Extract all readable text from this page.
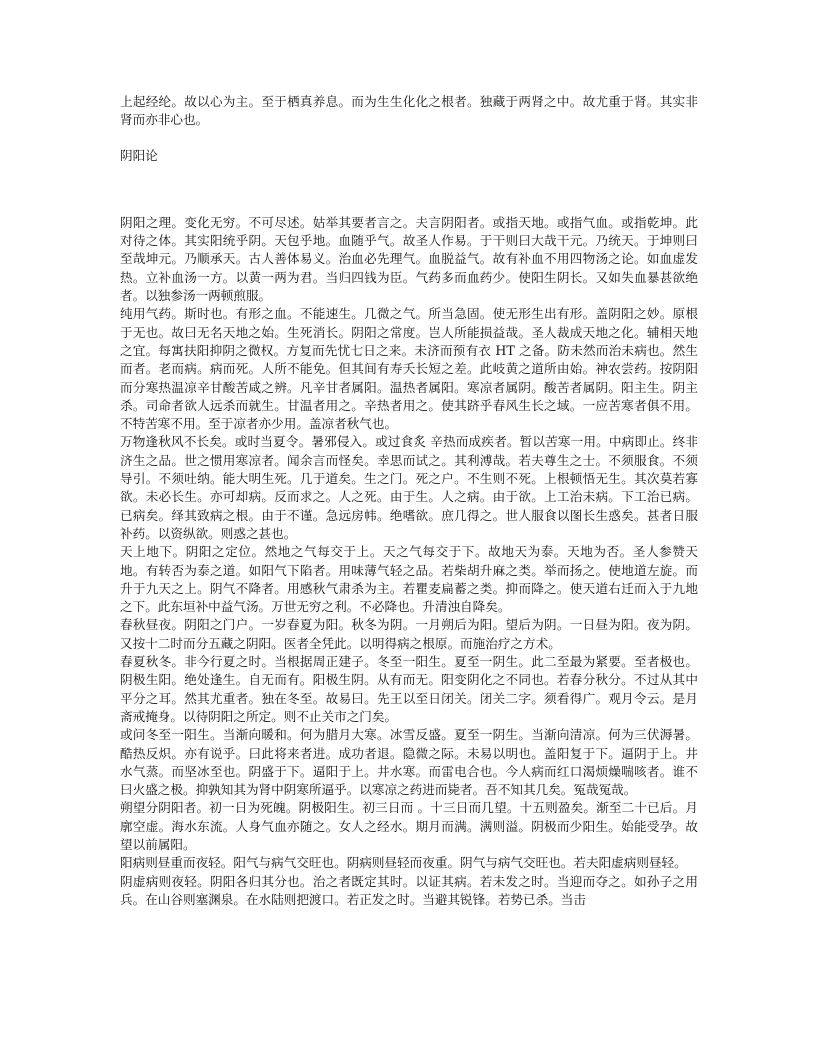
上起经纶。故以心为主。至于栖真养息。而为生生化化之根者。独藏于两肾之中。故尤重于肾。其实非肾而亦非心也。

阴阳论

阴阳之理。变化无穷。不可尽述。姑举其要者言之。夫言阴阳者。或指天地。或指气血。或指乾坤。此对待之体。其实阳统乎阴。天包乎地。血随乎气。故圣人作易。于干则曰大哉干元。乃统天。于坤则曰至哉坤元。乃顺承天。古人善体易义。治血必先理气。血脱益气。故有补血不用四物汤之论。如血虚发热。立补血汤一方。以黄一两为君。当归四钱为臣。气药多而血药少。使阳生阴长。又如失血暴甚欲绝者。以独参汤一两顿煎服。

纯用气药。斯时也。有形之血。不能速生。几微之气。所当急固。使无形生出有形。盖阴阳之妙。原根于无也。故曰无名天地之始。生死消长。阴阳之常度。岂人所能损益哉。圣人裁成天地之化。辅相天地之宜。每寓扶阳抑阴之微权。方复而先忧七日之来。未济而预有衣 HT 之备。防未然而治未病也。然生而者。老而病。病而死。人所不能免。但其间有寿夭长短之差。此岐黄之道所由始。神农尝药。按阴阳而分寒热温凉辛甘酸苦咸之辨。凡辛甘者属阳。温热者属阳。寒凉者属阴。酸苦者属阴。阳主生。阴主杀。司命者欲人远杀而就生。甘温者用之。辛热者用之。使其跻乎春风生长之域。一应苦寒者俱不用。不特苦寒不用。至于凉者亦少用。盖凉者秋气也。

万物逢秋风不长矣。或时当夏令。暑邪侵入。或过食炙 辛热而成疾者。暂以苦寒一用。中病即止。终非济生之品。世之惯用寒凉者。闻余言而怪矣。幸思而试之。其利溥哉。若夫尊生之士。不须服食。不须导引。不须吐纳。能大明生死。几于道矣。生之门。死之户。不生则不死。上根顿悟无生。其次莫若寡欲。未必长生。亦可却病。反而求之。人之死。由于生。人之病。由于欲。上工治未病。下工治已病。已病矣。绎其致病之根。由于不谨。急远房帏。绝嗜欲。庶几得之。世人服食以图长生惑矣。甚者日服补药。以资纵欲。则惑之甚也。

天上地下。阴阳之定位。然地之气每交于上。天之气每交于下。故地天为泰。天地为否。圣人参赞天地。有转否为泰之道。如阳气下陷者。用味薄气轻之品。若柴胡升麻之类。举而扬之。使地道左旋。而升于九天之上。阴气不降者。用感秋气肃杀为主。若瞿麦扁蓄之类。抑而降之。使天道右迁而入于九地之下。此东垣补中益气汤。万世无穷之利。不必降也。升清浊自降矣。

春秋昼夜。阴阳之门户。一岁春夏为阳。秋冬为阴。一月朔后为阳。望后为阴。一日昼为阳。夜为阴。又按十二时而分五藏之阴阳。医者全凭此。以明得病之根原。而施治疗之方术。

春夏秋冬。非今行夏之时。当根据周正建子。冬至一阳生。夏至一阴生。此二至最为紧要。至者极也。阴极生阳。绝处逢生。自无而有。阳极生阴。从有而无。阳变阴化之不同也。若春分秋分。不过从其中平分之耳。然其尤重者。独在冬至。故易曰。先王以至日闭关。闭关二字。须看得广。观月令云。是月斋戒掩身。以待阴阳之所定。则不止关市之门矣。

或问冬至一阳生。当渐向暖和。何为腊月大寒。冰雪反盛。夏至一阴生。当渐向清凉。何为三伏溽暑。酷热反炽。亦有说乎。曰此将来者进。成功者退。隐微之际。未易以明也。盖阳复于下。逼阴于上。井水气蒸。而坚冰至也。阴盛于下。逼阳于上。井水寒。而雷电合也。今人病而红口渴烦燥喘咳者。谁不曰火盛之极。抑孰知其为肾中阴寒所逼乎。以寒凉之药进而毙者。吾不知其几矣。冤哉冤哉。

朔望分阴阳者。初一日为死魄。阴极阳生。初三日而 。十三日而几望。十五则盈矣。渐至二十已后。月廓空虚。海水东流。人身气血亦随之。女人之经水。期月而满。满则溢。阴极而少阳生。始能受孕。故望以前属阳。

阳病则昼重而夜轻。阳气与病气交旺也。阴病则昼轻而夜重。阴气与病气交旺也。若夫阳虚病则昼轻。

阴虚病则夜轻。阴阳各归其分也。治之者既定其时。以证其病。若未发之时。当迎而夺之。如孙子之用兵。在山谷则塞渊泉。在水陆则把渡口。若正发之时。当避其锐锋。若势已杀。当击
